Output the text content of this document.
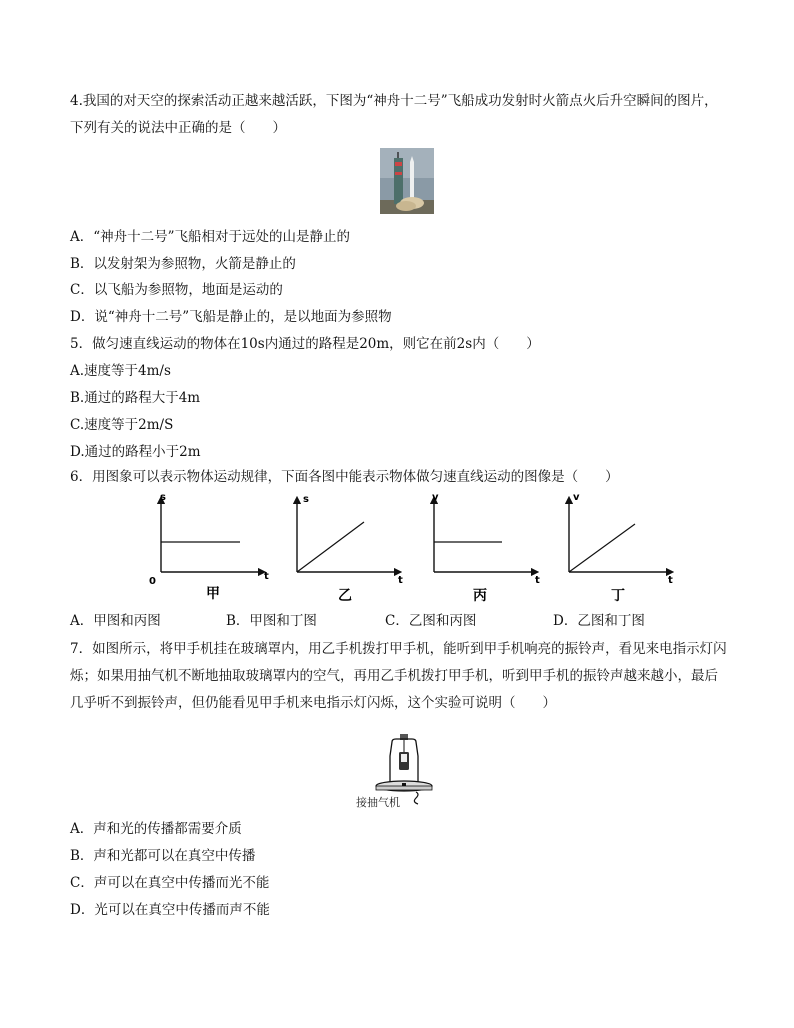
4.我国的对天空的探索活动正越来越活跃，下图为“神舟十二号”飞船成功发射时火箭点火后升空瞬间的图片，下列有关的说法中正确的是（　　）

A．“神舟十二号”飞船相对于远处的山是静止的

B．以发射架为参照物，火箭是静止的

C．以飞船为参照物，地面是运动的

D．说“神舟十二号”飞船是静止的，是以地面为参照物

5．做匀速直线运动的物体在10s内通过的路程是20m，则它在前2s内（　　）

A.速度等于4m/s

B.通过的路程大于4m

C.速度等于2m/S

D.通过的路程小于2m

6．用图象可以表示物体运动规律，下面各图中能表示物体做匀速直线运动的图像是（　　）

s
t
0
甲
s
t
乙
v
t
丙
v
t
丁
A．甲图和丙图	B．甲图和丁图	C．乙图和丙图	D．乙图和丁图

7．如图所示，将甲手机挂在玻璃罩内，用乙手机拨打甲手机，能听到甲手机响亮的振铃声，看见来电指示灯闪烁；如果用抽气机不断地抽取玻璃罩内的空气，再用乙手机拨打甲手机，听到甲手机的振铃声越来越小，最后几乎听不到振铃声，但仍能看见甲手机来电指示灯闪烁，这个实验可说明（　　）

接抽气机

A．声和光的传播都需要介质

B．声和光都可以在真空中传播

C．声可以在真空中传播而光不能

D．光可以在真空中传播而声不能
